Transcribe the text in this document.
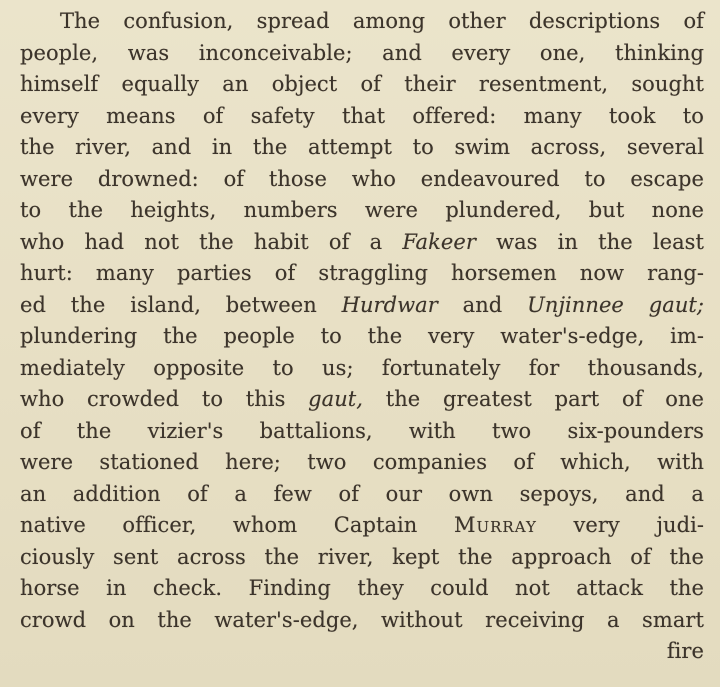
The confusion, spread among other descriptions of
people, was inconceivable; and every one, thinking
himself equally an object of their resentment, sought
every means of safety that offered: many took to
the river, and in the attempt to swim across, several
were drowned: of those who endeavoured to escape
to the heights, numbers were plundered, but none
who had not the habit of a Fakeer was in the least
hurt: many parties of straggling horsemen now rang-
ed the island, between Hurdwar and Unjinnee gaut;
plundering the people to the very water's-edge, im-
mediately opposite to us; fortunately for thousands,
who crowded to this gaut, the greatest part of one
of the vizier's battalions, with two six-pounders
were stationed here; two companies of which, with
an addition of a few of our own sepoys, and a
native officer, whom Captain Murray very judi-
ciously sent across the river, kept the approach of the
horse in check. Finding they could not attack the
crowd on the water's-edge, without receiving a smart
fire
